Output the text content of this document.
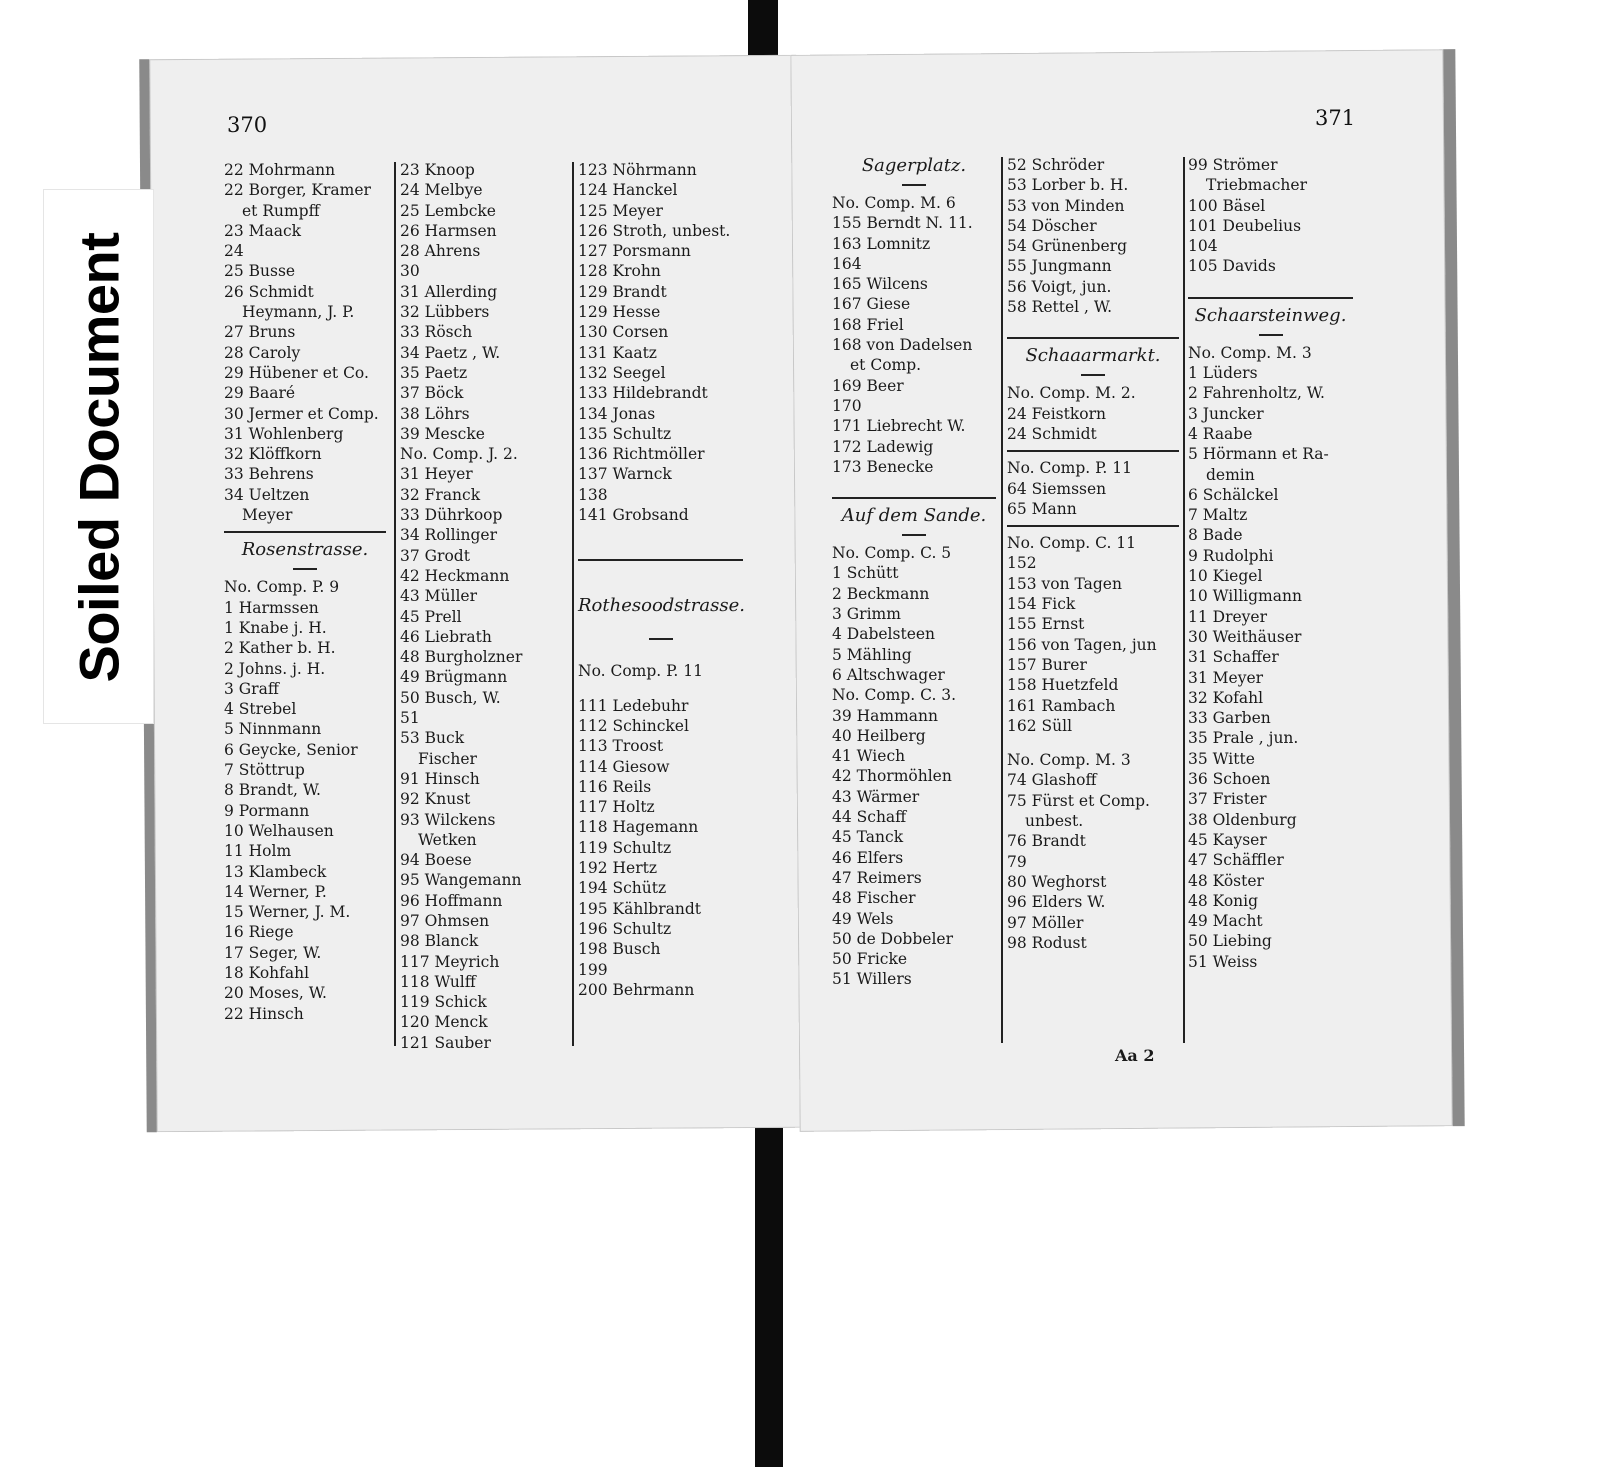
Soiled Document
370	371
22 Mohrmann
22 Borger, Kramer
et Rumpff
23 Maack
24
25 Busse
26 Schmidt
Heymann, J. P.
27 Bruns
28 Caroly
29 Hübener et Co.
29 Baaré
30 Jermer et Comp.
31 Wohlenberg
32 Klöffkorn
33 Behrens
34 Ueltzen
Meyer
Rosenstrasse.
No. Comp. P. 9
1 Harmssen
1 Knabe j. H.
2 Kather b. H.
2 Johns. j. H.
3 Graff
4 Strebel
5 Ninnmann
6 Geycke, Senior
7 Stöttrup
8 Brandt, W.
9 Pormann
10 Welhausen
11 Holm
13 Klambeck
14 Werner, P.
15 Werner, J. M.
16 Riege
17 Seger, W.
18 Kohfahl
20 Moses, W.
22 Hinsch
23 Knoop
24 Melbye
25 Lembcke
26 Harmsen
28 Ahrens
30
31 Allerding
32 Lübbers
33 Rösch
34 Paetz , W.
35 Paetz
37 Böck
38 Löhrs
39 Mescke
No. Comp. J. 2.
31 Heyer
32 Franck
33 Dührkoop
34 Rollinger
37 Grodt
42 Heckmann
43 Müller
45 Prell
46 Liebrath
48 Burgholzner
49 Brügmann
50 Busch, W.
51
53 Buck
Fischer
91 Hinsch
92 Knust
93 Wilckens
Wetken
94 Boese
95 Wangemann
96 Hoffmann
97 Ohmsen
98 Blanck
117 Meyrich
118 Wulff
119 Schick
120 Menck
121 Sauber
123 Nöhrmann
124 Hanckel
125 Meyer
126 Stroth, unbest.
127 Porsmann
128 Krohn
129 Brandt
129 Hesse
130 Corsen
131 Kaatz
132 Seegel
133 Hildebrandt
134 Jonas
135 Schultz
136 Richtmöller
137 Warnck
138
141 Grobsand
Rothesoodstrasse.
No. Comp. P. 11
111 Ledebuhr
112 Schinckel
113 Troost
114 Giesow
116 Reils
117 Holtz
118 Hagemann
119 Schultz
192 Hertz
194 Schütz
195 Kählbrandt
196 Schultz
198 Busch
199
200 Behrmann
Sagerplatz.
No. Comp. M. 6
155 Berndt N. 11.
163 Lomnitz
164
165 Wilcens
167 Giese
168 Friel
168 von Dadelsen
et Comp.
169 Beer
170
171 Liebrecht W.
172 Ladewig
173 Benecke
Auf dem Sande.
No. Comp. C. 5
1 Schütt
2 Beckmann
3 Grimm
4 Dabelsteen
5 Mähling
6 Altschwager
No. Comp. C. 3.
39 Hammann
40 Heilberg
41 Wiech
42 Thormöhlen
43 Wärmer
44 Schaff
45 Tanck
46 Elfers
47 Reimers
48 Fischer
49 Wels
50 de Dobbeler
50 Fricke
51 Willers
52 Schröder
53 Lorber b. H.
53 von Minden
54 Döscher
54 Grünenberg
55 Jungmann
56 Voigt, jun.
58 Rettel , W.
Schaaarmarkt.
No. Comp. M. 2.
24 Feistkorn
24 Schmidt
No. Comp. P. 11
64 Siemssen
65 Mann
No. Comp. C. 11
152
153 von Tagen
154 Fick
155 Ernst
156 von Tagen, jun
157 Burer
158 Huetzfeld
161 Rambach
162 Süll
No. Comp. M. 3
74 Glashoff
75 Fürst et Comp.
unbest.
76 Brandt
79
80 Weghorst
96 Elders W.
97 Möller
98 Rodust
99 Strömer
Triebmacher
100 Bäsel
101 Deubelius
104
105 Davids
Schaarsteinweg.
No. Comp. M. 3
1 Lüders
2 Fahrenholtz, W.
3 Juncker
4 Raabe
5 Hörmann et Ra-
demin
6 Schälckel
7 Maltz
8 Bade
9 Rudolphi
10 Kiegel
10 Willigmann
11 Dreyer
30 Weithäuser
31 Schaffer
31 Meyer
32 Kofahl
33 Garben
35 Prale , jun.
35 Witte
36 Schoen
37 Frister
38 Oldenburg
45 Kayser
47 Schäffler
48 Köster
48 Konig
49 Macht
50 Liebing
51 Weiss
Aa 2
